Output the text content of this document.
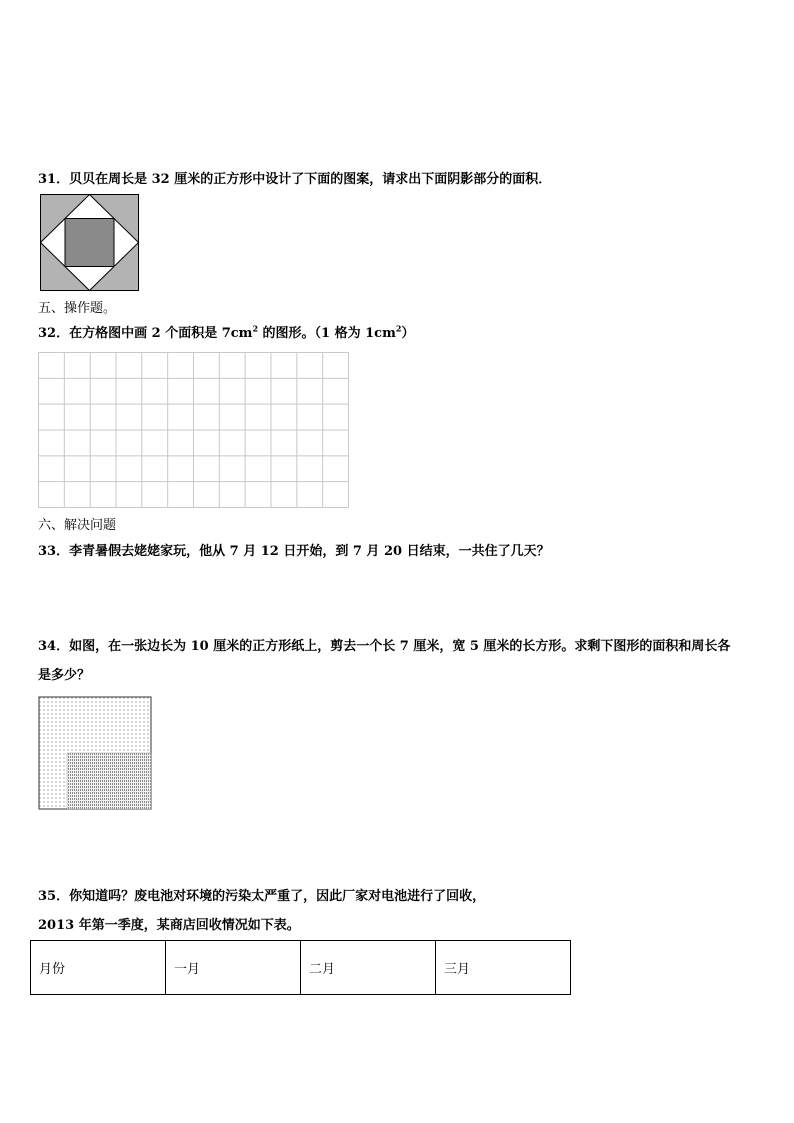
31．贝贝在周长是 32 厘米的正方形中设计了下面的图案，请求出下面阴影部分的面积．
五、操作题。
32．在方格图中画 2 个面积是 $7cm^2$ 的图形。（1 格为 $1cm^2$）
六、解决问题
33．李青暑假去姥姥家玩，他从 7 月 12 日开始，到 7 月 20 日结束，一共住了几天？
34．如图，在一张边长为 10 厘米的正方形纸上，剪去一个长 7 厘米，宽 5 厘米的长方形。求剩下图形的面积和周长各
是多少？
35．你知道吗？废电池对环境的污染太严重了，因此厂家对电池进行了回收，
2013 年第一季度，某商店回收情况如下表。
月份	一月	二月	三月
